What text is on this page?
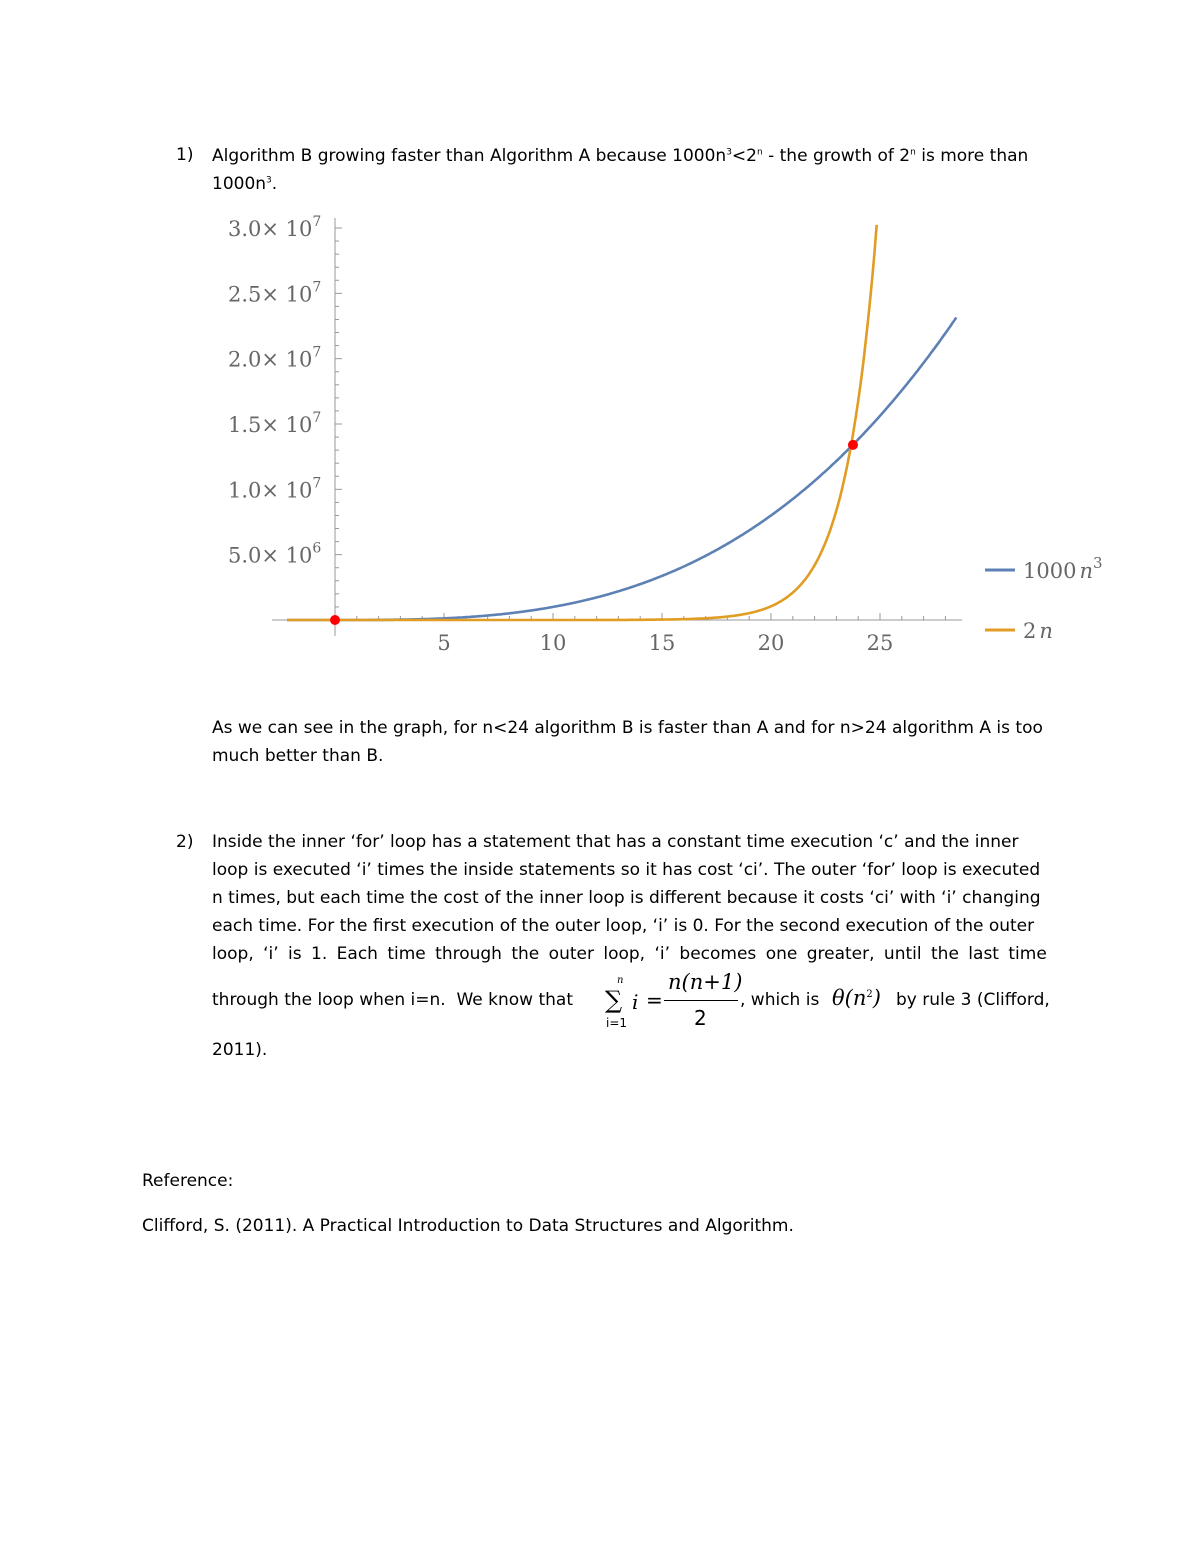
1) Algorithm B growing faster than Algorithm A because $1000n^3<2^n$ - the growth of 2$^n$ is more than
$1000n^3$.
$3.0\times 10^7$
$2.5\times 10^7$
$2.0\times 10^7$
$1.5\times 10^7$
$1.0\times 10^7$
$5.0\times 10^6$
5	10	15	20	25
1000 $n^3$
2 n
As we can see in the graph, for n<24 algorithm B is faster than A and for n>24 algorithm A is too
much better than B.
2) Inside the inner ‘for’ loop has a statement that has a constant time execution ‘c’ and the inner
loop is executed ‘i’ times the inside statements so it has cost ‘ci’. The outer ‘for’ loop is executed
n times, but each time the cost of the inner loop is different because it costs ‘ci’ with ‘i’ changing
each time. For the first execution of the outer loop, ‘i’ is 0. For the second execution of the outer
loop, ‘i’ is 1. Each time through the outer loop, ‘i’ becomes one greater, until the last time
through the loop when i=n.  We know that
n
∑
i=1
i =
n(n+1)
2
, which is $\theta(n^2)$ by rule 3 (Clifford,
2011).
Reference:
Clifford, S. (2011). A Practical Introduction to Data Structures and Algorithm.
